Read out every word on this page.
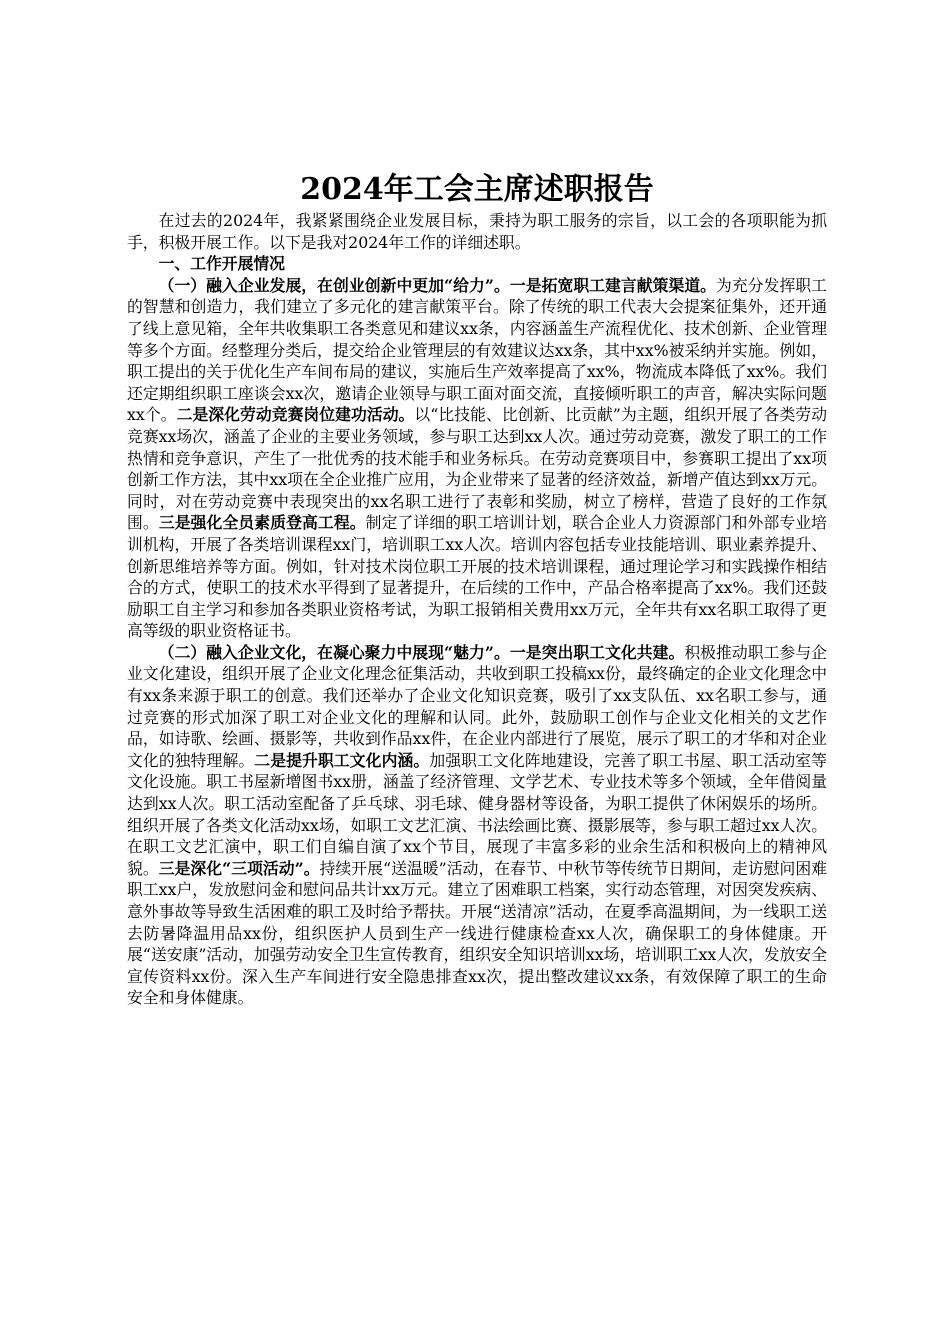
2024年工会主席述职报告

在过去的2024年，我紧紧围绕企业发展目标，秉持为职工服务的宗旨，以工会的各项职能为抓手，积极开展工作。以下是我对2024年工作的详细述职。

一、工作开展情况

（一）融入企业发展，在创业创新中更加“给力”。一是拓宽职工建言献策渠道。为充分发挥职工的智慧和创造力，我们建立了多元化的建言献策平台。除了传统的职工代表大会提案征集外，还开通了线上意见箱，全年共收集职工各类意见和建议xx条，内容涵盖生产流程优化、技术创新、企业管理等多个方面。经整理分类后，提交给企业管理层的有效建议达xx条，其中xx%被采纳并实施。例如，职工提出的关于优化生产车间布局的建议，实施后生产效率提高了xx%，物流成本降低了xx%。我们还定期组织职工座谈会xx次，邀请企业领导与职工面对面交流，直接倾听职工的声音，解决实际问题xx个。二是深化劳动竞赛岗位建功活动。以“比技能、比创新、比贡献”为主题，组织开展了各类劳动竞赛xx场次，涵盖了企业的主要业务领域，参与职工达到xx人次。通过劳动竞赛，激发了职工的工作热情和竞争意识，产生了一批优秀的技术能手和业务标兵。在劳动竞赛项目中，参赛职工提出了xx项创新工作方法，其中xx项在全企业推广应用，为企业带来了显著的经济效益，新增产值达到xx万元。同时，对在劳动竞赛中表现突出的xx名职工进行了表彰和奖励，树立了榜样，营造了良好的工作氛围。三是强化全员素质登高工程。制定了详细的职工培训计划，联合企业人力资源部门和外部专业培训机构，开展了各类培训课程xx门，培训职工xx人次。培训内容包括专业技能培训、职业素养提升、创新思维培养等方面。例如，针对技术岗位职工开展的技术培训课程，通过理论学习和实践操作相结合的方式，使职工的技术水平得到了显著提升，在后续的工作中，产品合格率提高了xx%。我们还鼓励职工自主学习和参加各类职业资格考试，为职工报销相关费用xx万元，全年共有xx名职工取得了更高等级的职业资格证书。

（二）融入企业文化，在凝心聚力中展现“魅力”。一是突出职工文化共建。积极推动职工参与企业文化建设，组织开展了企业文化理念征集活动，共收到职工投稿xx份，最终确定的企业文化理念中有xx条来源于职工的创意。我们还举办了企业文化知识竞赛，吸引了xx支队伍、xx名职工参与，通过竞赛的形式加深了职工对企业文化的理解和认同。此外，鼓励职工创作与企业文化相关的文艺作品，如诗歌、绘画、摄影等，共收到作品xx件，在企业内部进行了展览，展示了职工的才华和对企业文化的独特理解。二是提升职工文化内涵。加强职工文化阵地建设，完善了职工书屋、职工活动室等文化设施。职工书屋新增图书xx册，涵盖了经济管理、文学艺术、专业技术等多个领域，全年借阅量达到xx人次。职工活动室配备了乒乓球、羽毛球、健身器材等设备，为职工提供了休闲娱乐的场所。组织开展了各类文化活动xx场，如职工文艺汇演、书法绘画比赛、摄影展等，参与职工超过xx人次。在职工文艺汇演中，职工们自编自演了xx个节目，展现了丰富多彩的业余生活和积极向上的精神风貌。三是深化“三项活动”。持续开展“送温暖”活动，在春节、中秋节等传统节日期间，走访慰问困难职工xx户，发放慰问金和慰问品共计xx万元。建立了困难职工档案，实行动态管理，对因突发疾病、意外事故等导致生活困难的职工及时给予帮扶。开展“送清凉”活动，在夏季高温期间，为一线职工送去防暑降温用品xx份，组织医护人员到生产一线进行健康检查xx人次，确保职工的身体健康。开展“送安康”活动，加强劳动安全卫生宣传教育，组织安全知识培训xx场，培训职工xx人次，发放安全宣传资料xx份。深入生产车间进行安全隐患排查xx次，提出整改建议xx条，有效保障了职工的生命安全和身体健康。
